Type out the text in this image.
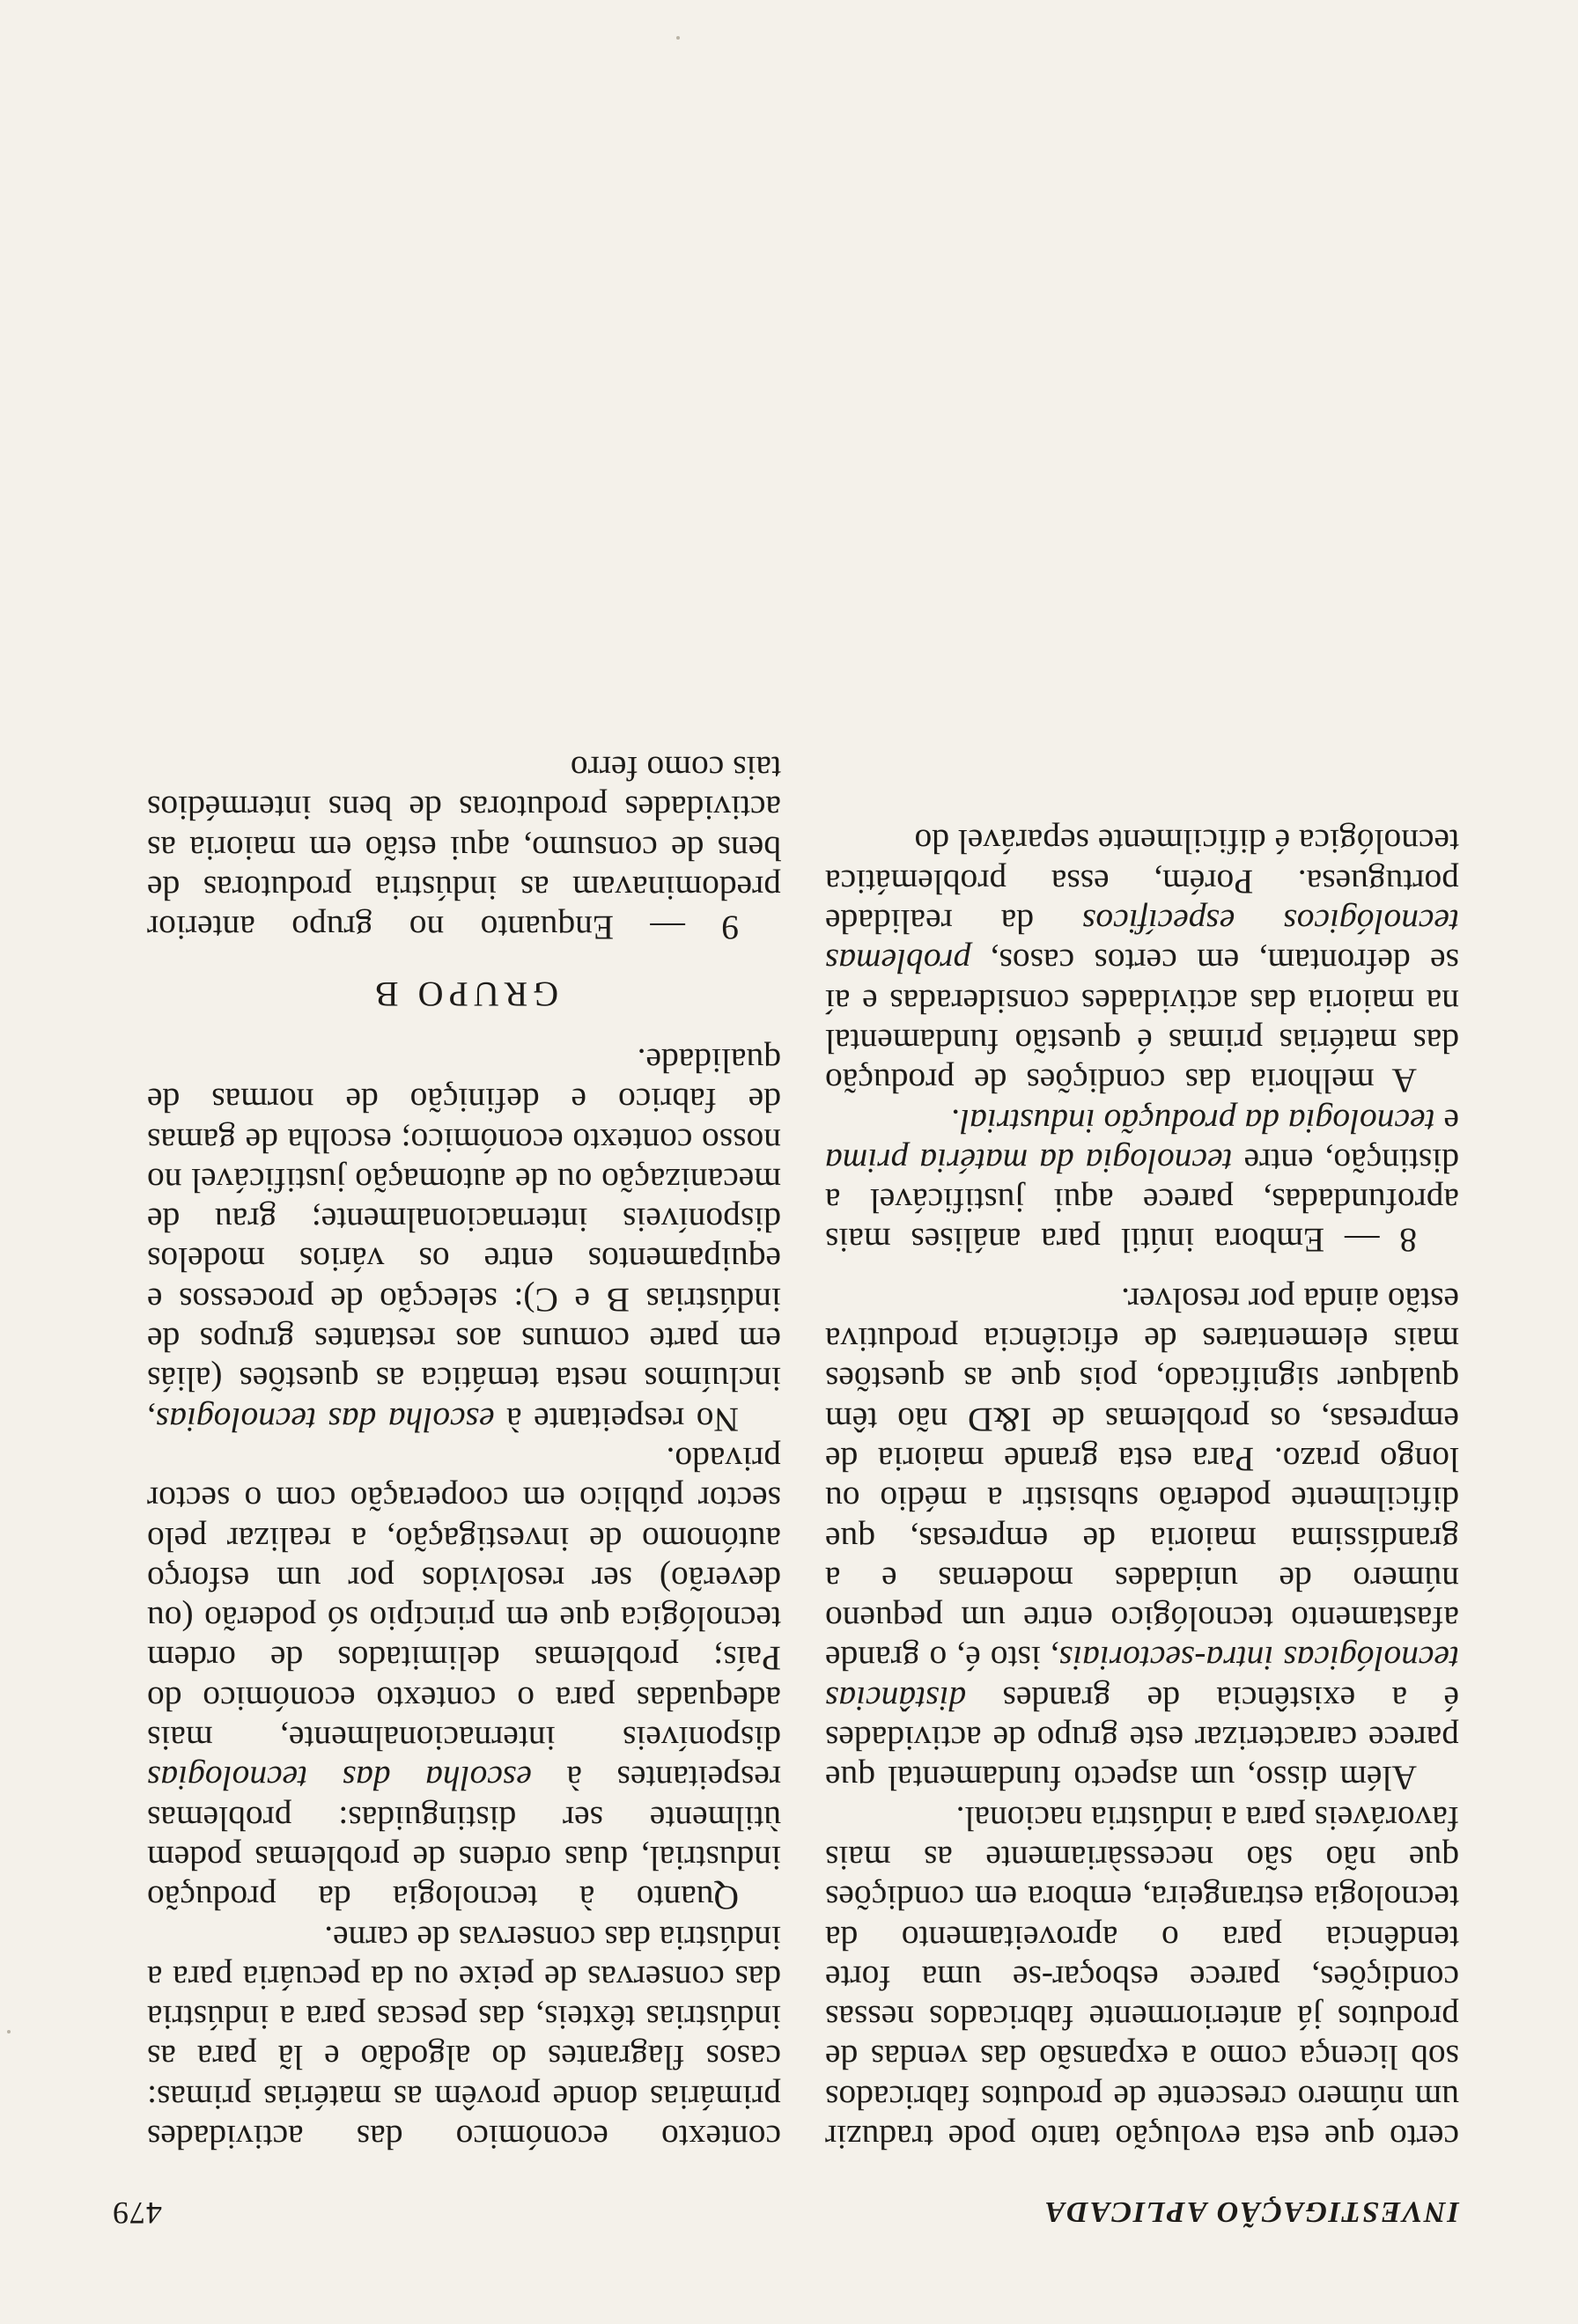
INVESTIGAÇÃO APLICADA
479

certo que esta evolução tanto pode traduzir um número crescente de produtos fabricados sob licença como a expansão das vendas de produtos já anteriormente fabricados nessas condições, parece esboçar-se uma forte tendência para o aproveitamento da tecnologia estrangeira, embora em condições que não são necessàriamente as mais favoráveis para a indústria nacional.

Além disso, um aspecto fundamental que parece caracterizar este grupo de actividades é a existência de grandes distâncias tecnológicas intra-sectoriais, isto é, o grande afastamento tecnológico entre um pequeno número de unidades modernas e a grandíssima maioria de empresas, que dificilmente poderão subsistir a médio ou longo prazo. Para esta grande maioria de empresas, os problemas de I&D não têm qualquer significado, pois que as questões mais elementares de eficiência produtiva estão ainda por resolver.

8 — Embora inútil para análises mais aprofundadas, parece aqui justificável a distinção, entre tecnologia da matéria prima e tecnologia da produção industrial.

A melhoria das condições de produção das matérias primas é questão fundamental na maioria das actividades consideradas e aí se defrontam, em certos casos, problemas tecnológicos específicos da realidade portuguesa. Porém, essa problemática tecnológica é dificilmente separável do

contexto económico das actividades primárias donde provêm as matérias primas: casos flagrantes do algodão e lã para as indústrias têxteis, das pescas para a indústria das conservas de peixe ou da pecuária para a indústria das conservas de carne.

Quanto à tecnologia da produção industrial, duas ordens de problemas podem ùtilmente ser distinguidas: problemas respeitantes à escolha das tecnologias disponíveis internacionalmente, mais adequadas para o contexto económico do País; problemas delimitados de ordem tecnológica que em princípio só poderão (ou deverão) ser resolvidos por um esforço autónomo de investigação, a realizar pelo sector público em cooperação com o sector privado.

No respeitante à escolha das tecnologias, incluímos nesta temática as questões (aliás em parte comuns aos restantes grupos de indústrias B e C): selecção de processos e equipamentos entre os vários modelos disponíveis internacionalmente; grau de mecanização ou de automação justificável no nosso contexto económico; escolha de gamas de fabrico e definição de normas de qualidade.

GRUPO B

9 — Enquanto no grupo anterior predominavam as indústria produtoras de bens de consumo, aqui estão em maioria as actividades produtoras de bens intermédios tais como ferro
